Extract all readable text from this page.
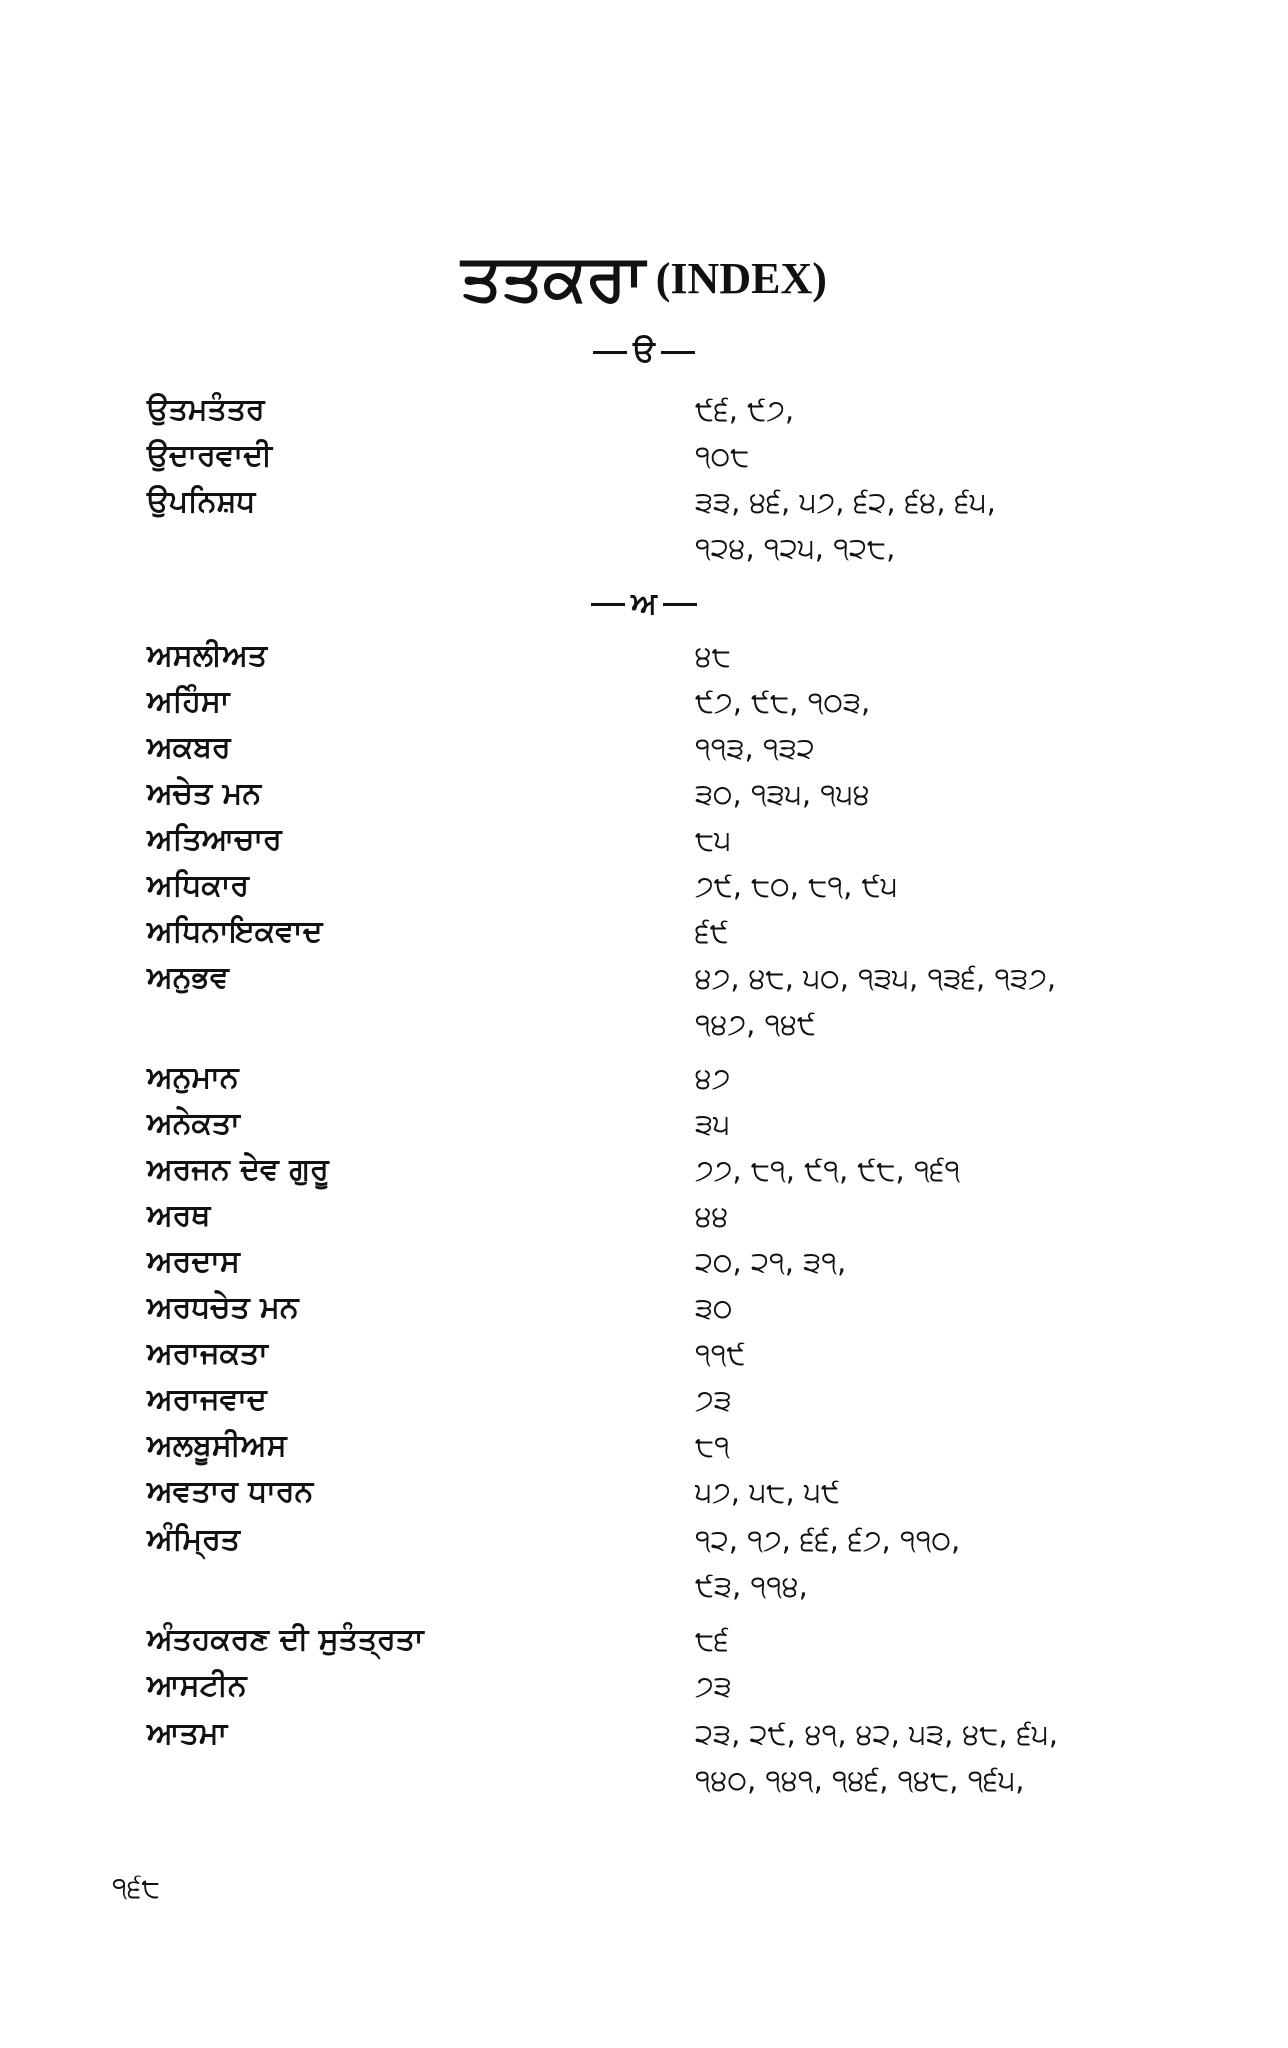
ਤਤਕਰਾ (INDEX)
ੳ
ਉਤਮਤੰਤਰ	੯੬, ੯੭,
ਉਦਾਰਵਾਦੀ	੧੦੮
ਉਪਨਿਸ਼ਧ	੩੩, ੪੬, ੫੭, ੬੨, ੬੪, ੬੫,
੧੨੪, ੧੨੫, ੧੨੮,
ਅ
ਅਸਲੀਅਤ	੪੮
ਅਹਿੰਸਾ	੯੭, ੯੮, ੧੦੩,
ਅਕਬਰ	੧੧੩, ੧੩੨
ਅਚੇਤ ਮਨ	੩੦, ੧੩੫, ੧੫੪
ਅਤਿਆਚਾਰ	੮੫
ਅਧਿਕਾਰ	੭੯, ੮੦, ੮੧, ੯੫
ਅਧਿਨਾਇਕਵਾਦ	੬੯
ਅਨੁਭਵ	੪੭, ੪੮, ੫੦, ੧੩੫, ੧੩੬, ੧੩੭,
੧੪੭, ੧੪੯
ਅਨੁਮਾਨ	੪੭
ਅਨੇਕਤਾ	੩੫
ਅਰਜਨ ਦੇਵ ਗੁਰੂ	੭੭, ੮੧, ੯੧, ੯੮, ੧੬੧
ਅਰਥ	੪੪
ਅਰਦਾਸ	੨੦, ੨੧, ੩੧,
ਅਰਧਚੇਤ ਮਨ	੩੦
ਅਰਾਜਕਤਾ	੧੧੯
ਅਰਾਜਵਾਦ	੭੩
ਅਲਬੂਸੀਅਸ	੮੧
ਅਵਤਾਰ ਧਾਰਨ	੫੭, ੫੮, ੫੯
ਅੰਮ੍ਰਿਤ	੧੨, ੧੭, ੬੬, ੬੭, ੧੧੦,
੯੩, ੧੧੪,
ਅੰਤਹਕਰਣ ਦੀ ਸੁਤੰਤ੍ਰਤਾ	੮੬
ਆਸਟੀਨ	੭੩
ਆਤਮਾ	੨੩, ੨੯, ੪੧, ੪੨, ੫੩, ੪੮, ੬੫,
੧੪੦, ੧੪੧, ੧੪੬, ੧੪੮, ੧੬੫,
੧੬੮
